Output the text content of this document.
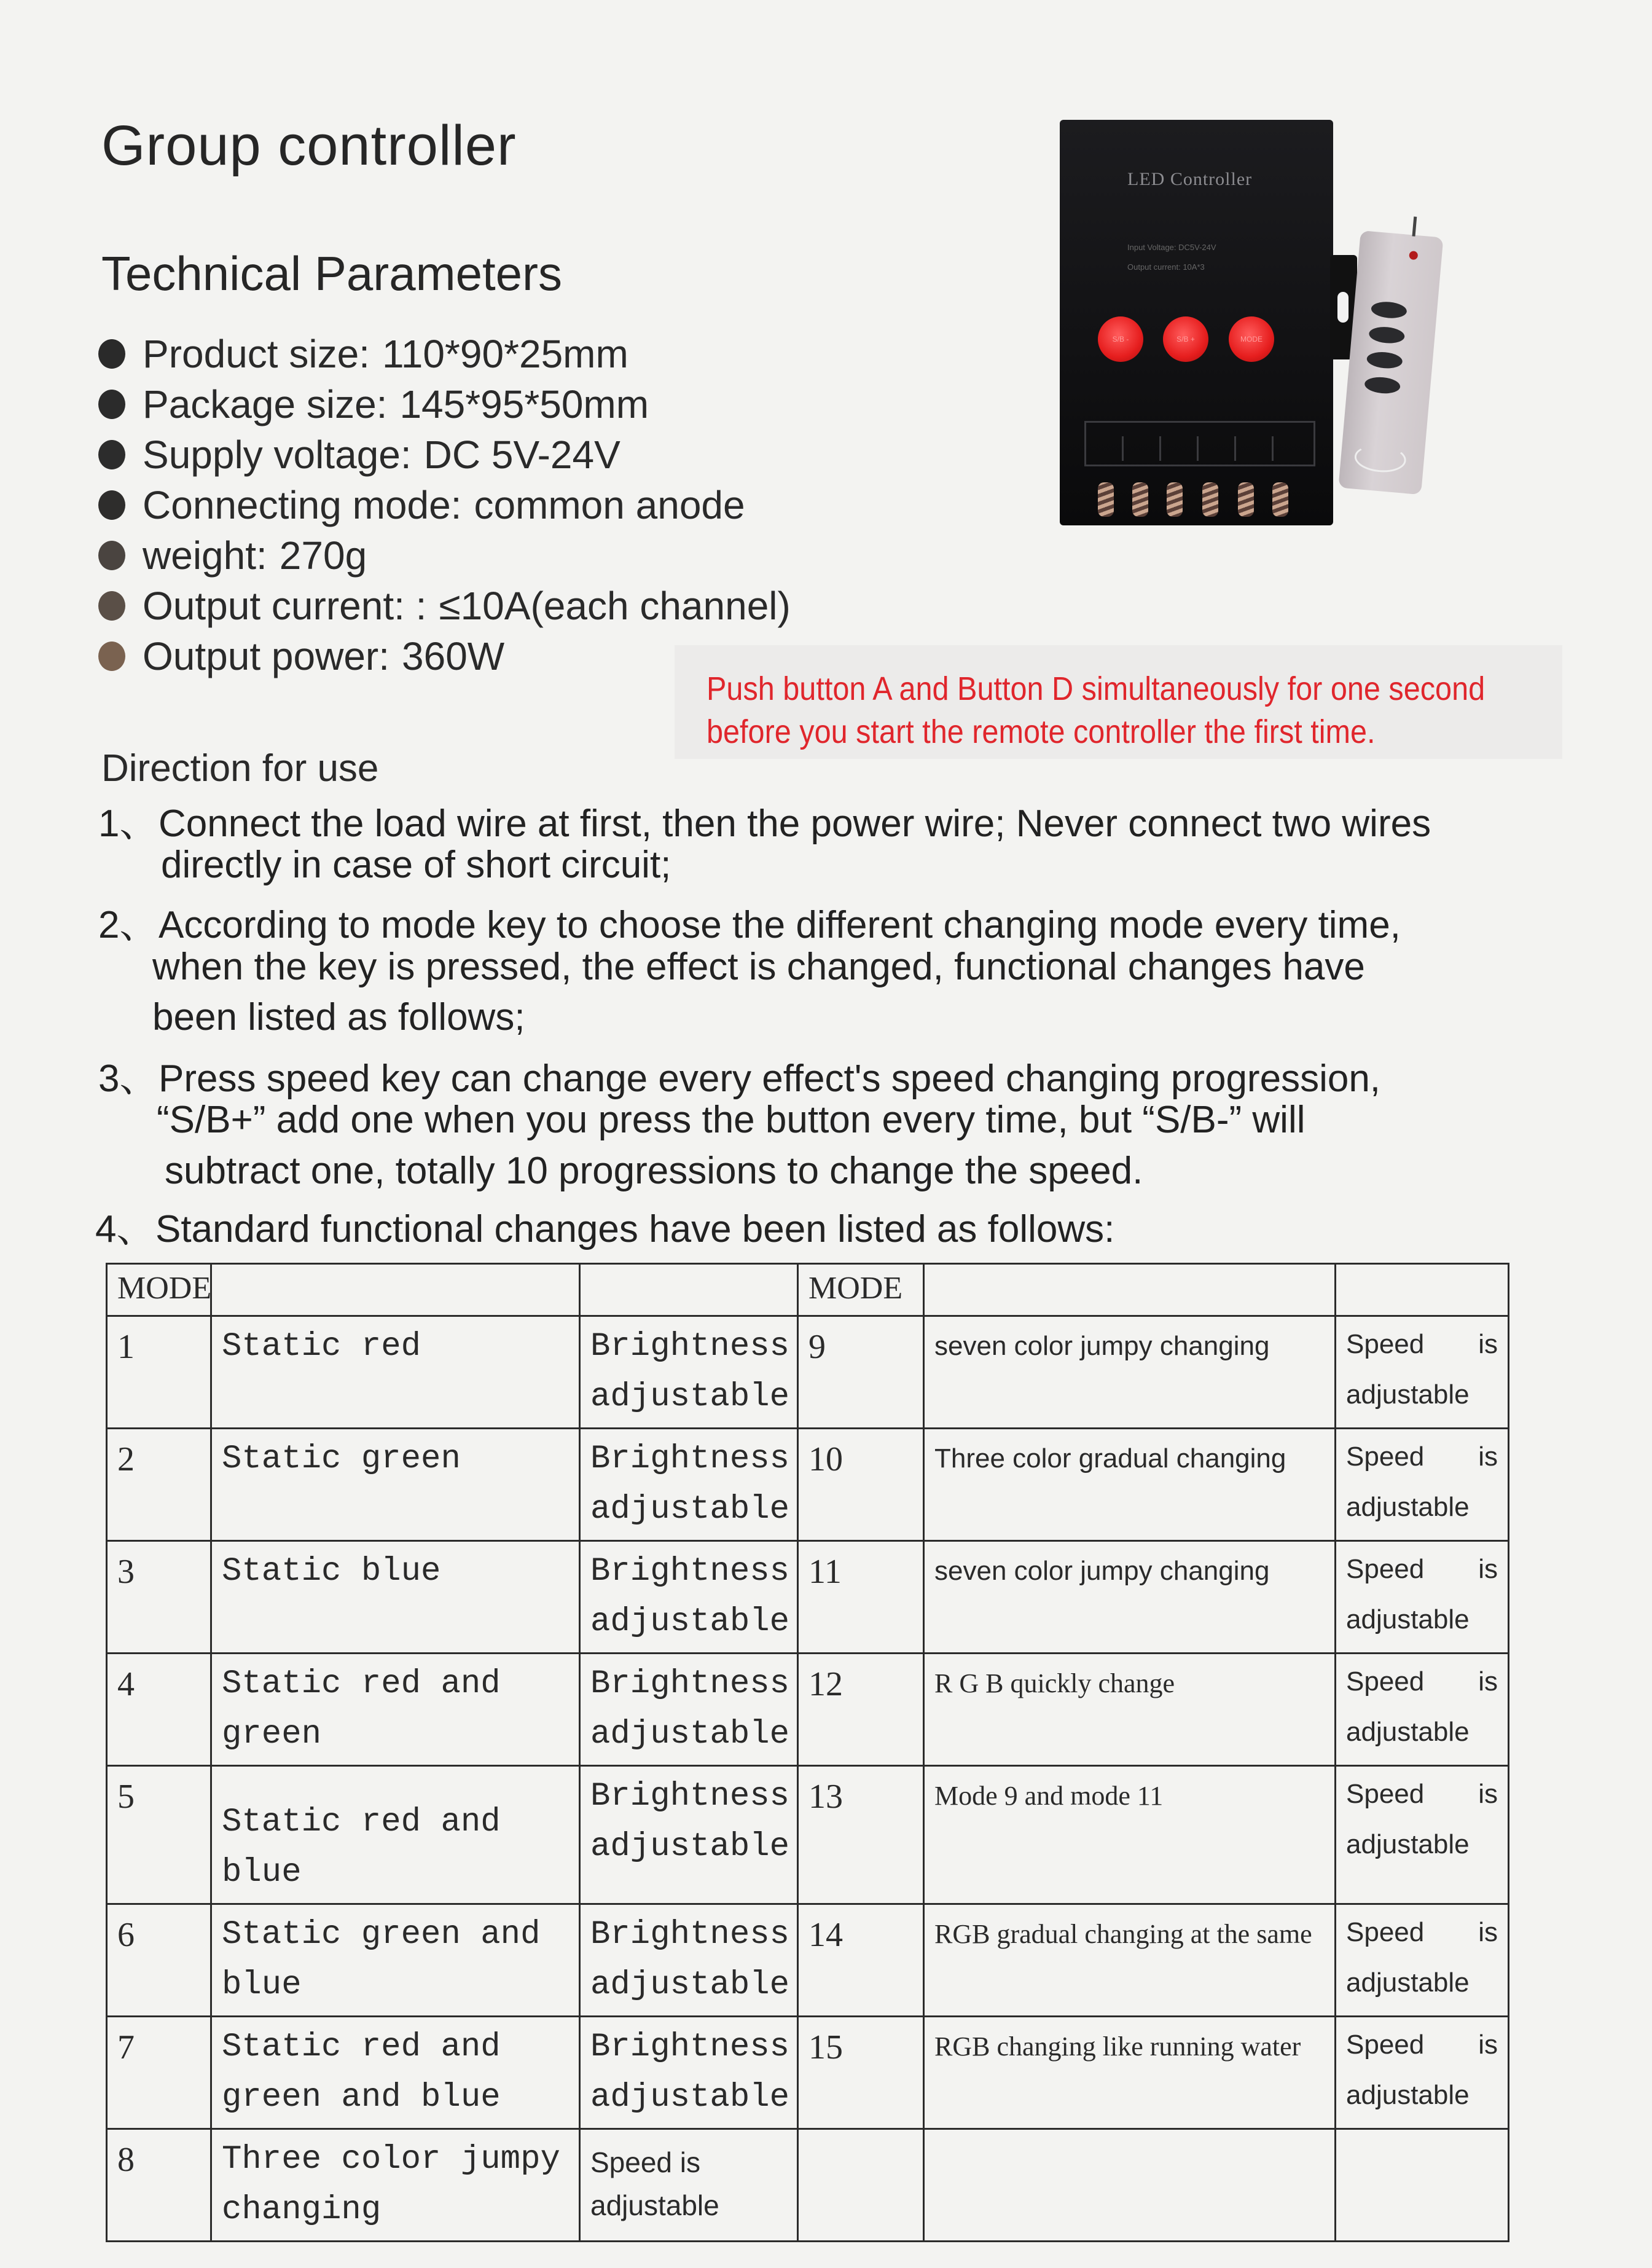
Group controller
Technical Parameters
Product size: 110*90*25mm
Package size: 145*95*50mm
Supply voltage: DC 5V-24V
Connecting mode: common anode
weight: 270g
Output current: : ≤10A(each channel)
Output power: 360W
LED Controller
Input Voltage: DC5V-24V
Output current: 10A*3
S/B -	S/B +	MODE

Push button A and Button D simultaneously for one second

before you start the remote controller the first time.

Direction for use
1、Connect the load wire at first, then the power wire; Never connect two wires
directly in case of short circuit;
2、According to mode key to choose the different changing mode every time,
when the key is pressed, the effect is changed, functional changes have
been listed as follows;
3、Press speed key can change every effect's speed changing progression,
“S/B+” add one when you press the button every time, but “S/B-” will
subtract one, totally 10 progressions to change the speed.
4、Standard functional changes have been listed as follows:
MODE			MODE		
1	Static red	Brightness adjustable	9	seven color jumpy changing	Speed is
adjustable

2	Static green	Brightness adjustable	10	Three color gradual changing	Speed is
adjustable

3	Static blue	Brightness adjustable	11	seven color jumpy changing	Speed is
adjustable

4	Static red and green	Brightness adjustable	12	R G B quickly change	Speed is
adjustable

5	Static red and blue	Brightness adjustable	13	Mode 9 and mode 11	Speed is
adjustable

6	Static green and blue	Brightness adjustable	14	RGB gradual changing at the same	Speed is
adjustable

7	Static red and green and blue	Brightness adjustable	15	RGB changing like running water	Speed is
adjustable

8	Three color jumpy changing	Speed is adjustable			
